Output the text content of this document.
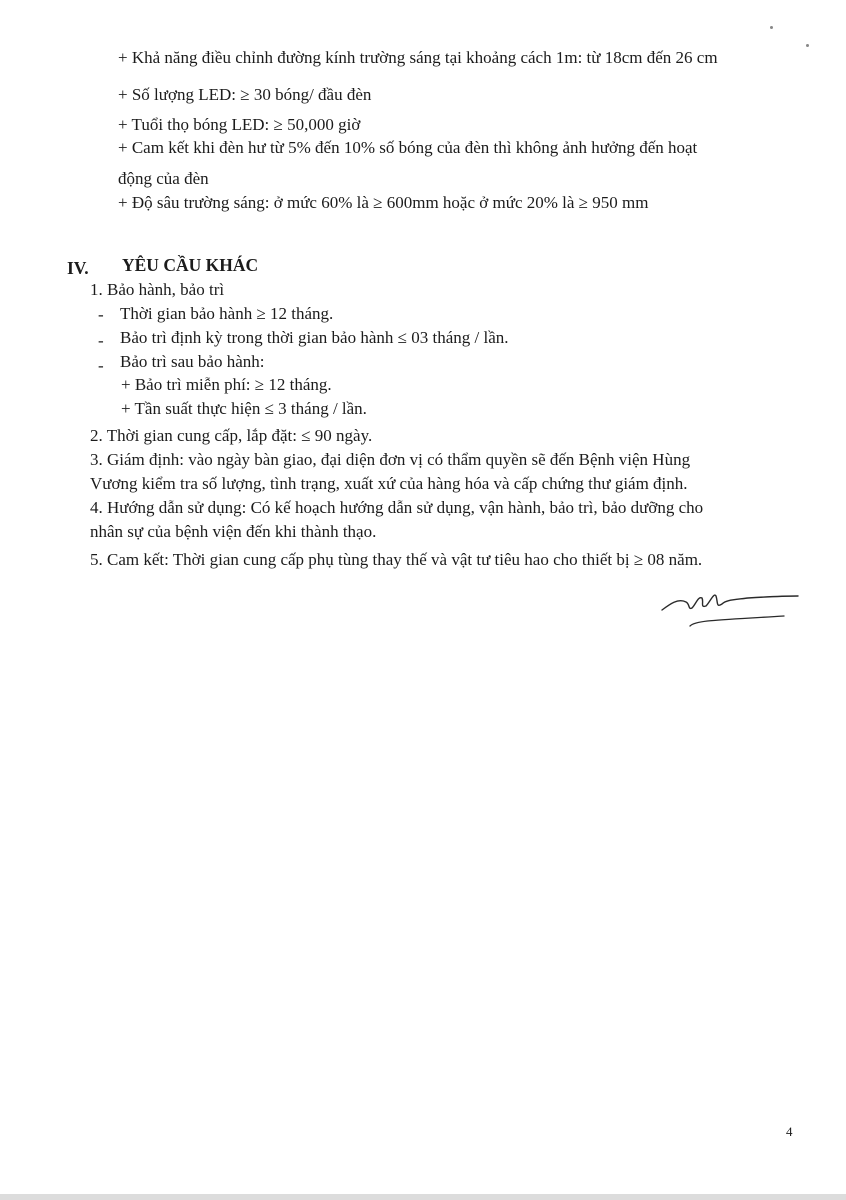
+ Khả năng điều chỉnh đường kính trường sáng tại khoảng cách 1m: từ 18cm đến 26 cm
+ Số lượng LED: ≥ 30 bóng/ đầu đèn
+ Tuổi thọ bóng LED: ≥ 50,000 giờ
+ Cam kết khi đèn hư từ 5% đến 10% số bóng của đèn thì không ảnh hưởng đến hoạt
động của đèn
+ Độ sâu trường sáng: ở mức 60% là ≥ 600mm hoặc ở mức 20% là ≥ 950 mm
IV. YÊU CẦU KHÁC
1. Bảo hành, bảo trì
- Thời gian bảo hành ≥ 12 tháng.
- Bảo trì định kỳ trong thời gian bảo hành ≤ 03 tháng / lần.
- Bảo trì sau bảo hành:
+ Bảo trì miễn phí: ≥ 12 tháng.
+ Tần suất thực hiện ≤ 3 tháng / lần.
2. Thời gian cung cấp, lắp đặt: ≤ 90 ngày.
3. Giám định: vào ngày bàn giao, đại diện đơn vị có thẩm quyền sẽ đến Bệnh viện Hùng
Vương kiểm tra số lượng, tình trạng, xuất xứ của hàng hóa và cấp chứng thư giám định.
4. Hướng dẫn sử dụng: Có kế hoạch hướng dẫn sử dụng, vận hành, bảo trì, bảo dưỡng cho
nhân sự của bệnh viện đến khi thành thạo.
5. Cam kết: Thời gian cung cấp phụ tùng thay thế và vật tư tiêu hao cho thiết bị ≥ 08 năm.
4
